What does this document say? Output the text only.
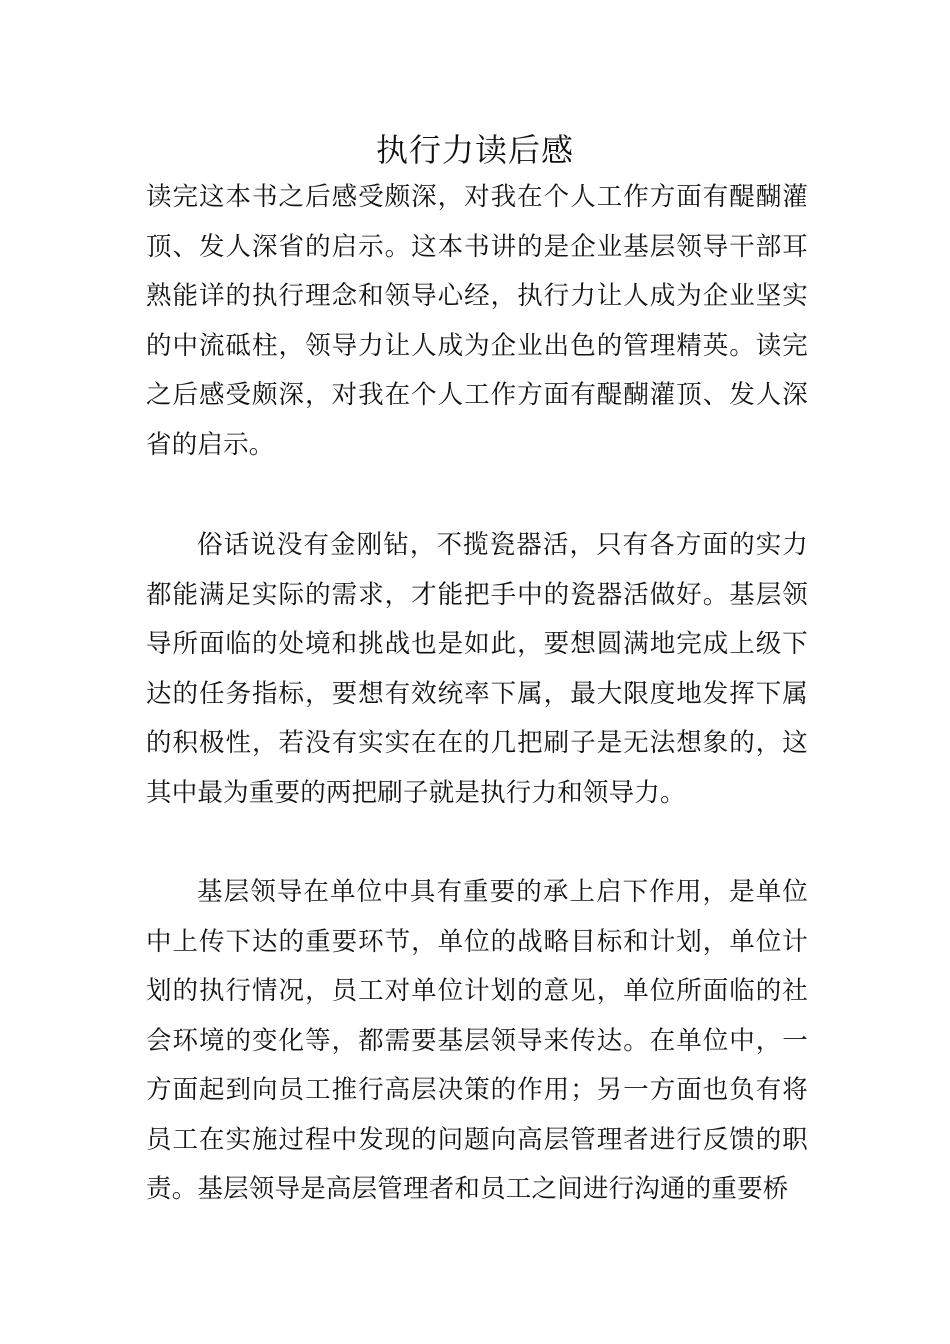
执行力读后感

读完这本书之后感受颇深，对我在个人工作方面有醍醐灌顶、发人深省的启示。这本书讲的是企业基层领导干部耳熟能详的执行理念和领导心经，执行力让人成为企业坚实的中流砥柱，领导力让人成为企业出色的管理精英。读完之后感受颇深，对我在个人工作方面有醍醐灌顶、发人深省的启示。

俗话说没有金刚钻，不揽瓷器活，只有各方面的实力都能满足实际的需求，才能把手中的瓷器活做好。基层领导所面临的处境和挑战也是如此，要想圆满地完成上级下达的任务指标，要想有效统率下属，最大限度地发挥下属的积极性，若没有实实在在的几把刷子是无法想象的，这其中最为重要的两把刷子就是执行力和领导力。

基层领导在单位中具有重要的承上启下作用，是单位中上传下达的重要环节，单位的战略目标和计划，单位计划的执行情况，员工对单位计划的意见，单位所面临的社会环境的变化等，都需要基层领导来传达。在单位中，一方面起到向员工推行高层决策的作用；另一方面也负有将员工在实施过程中发现的问题向高层管理者进行反馈的职责。基层领导是高层管理者和员工之间进行沟通的重要桥
